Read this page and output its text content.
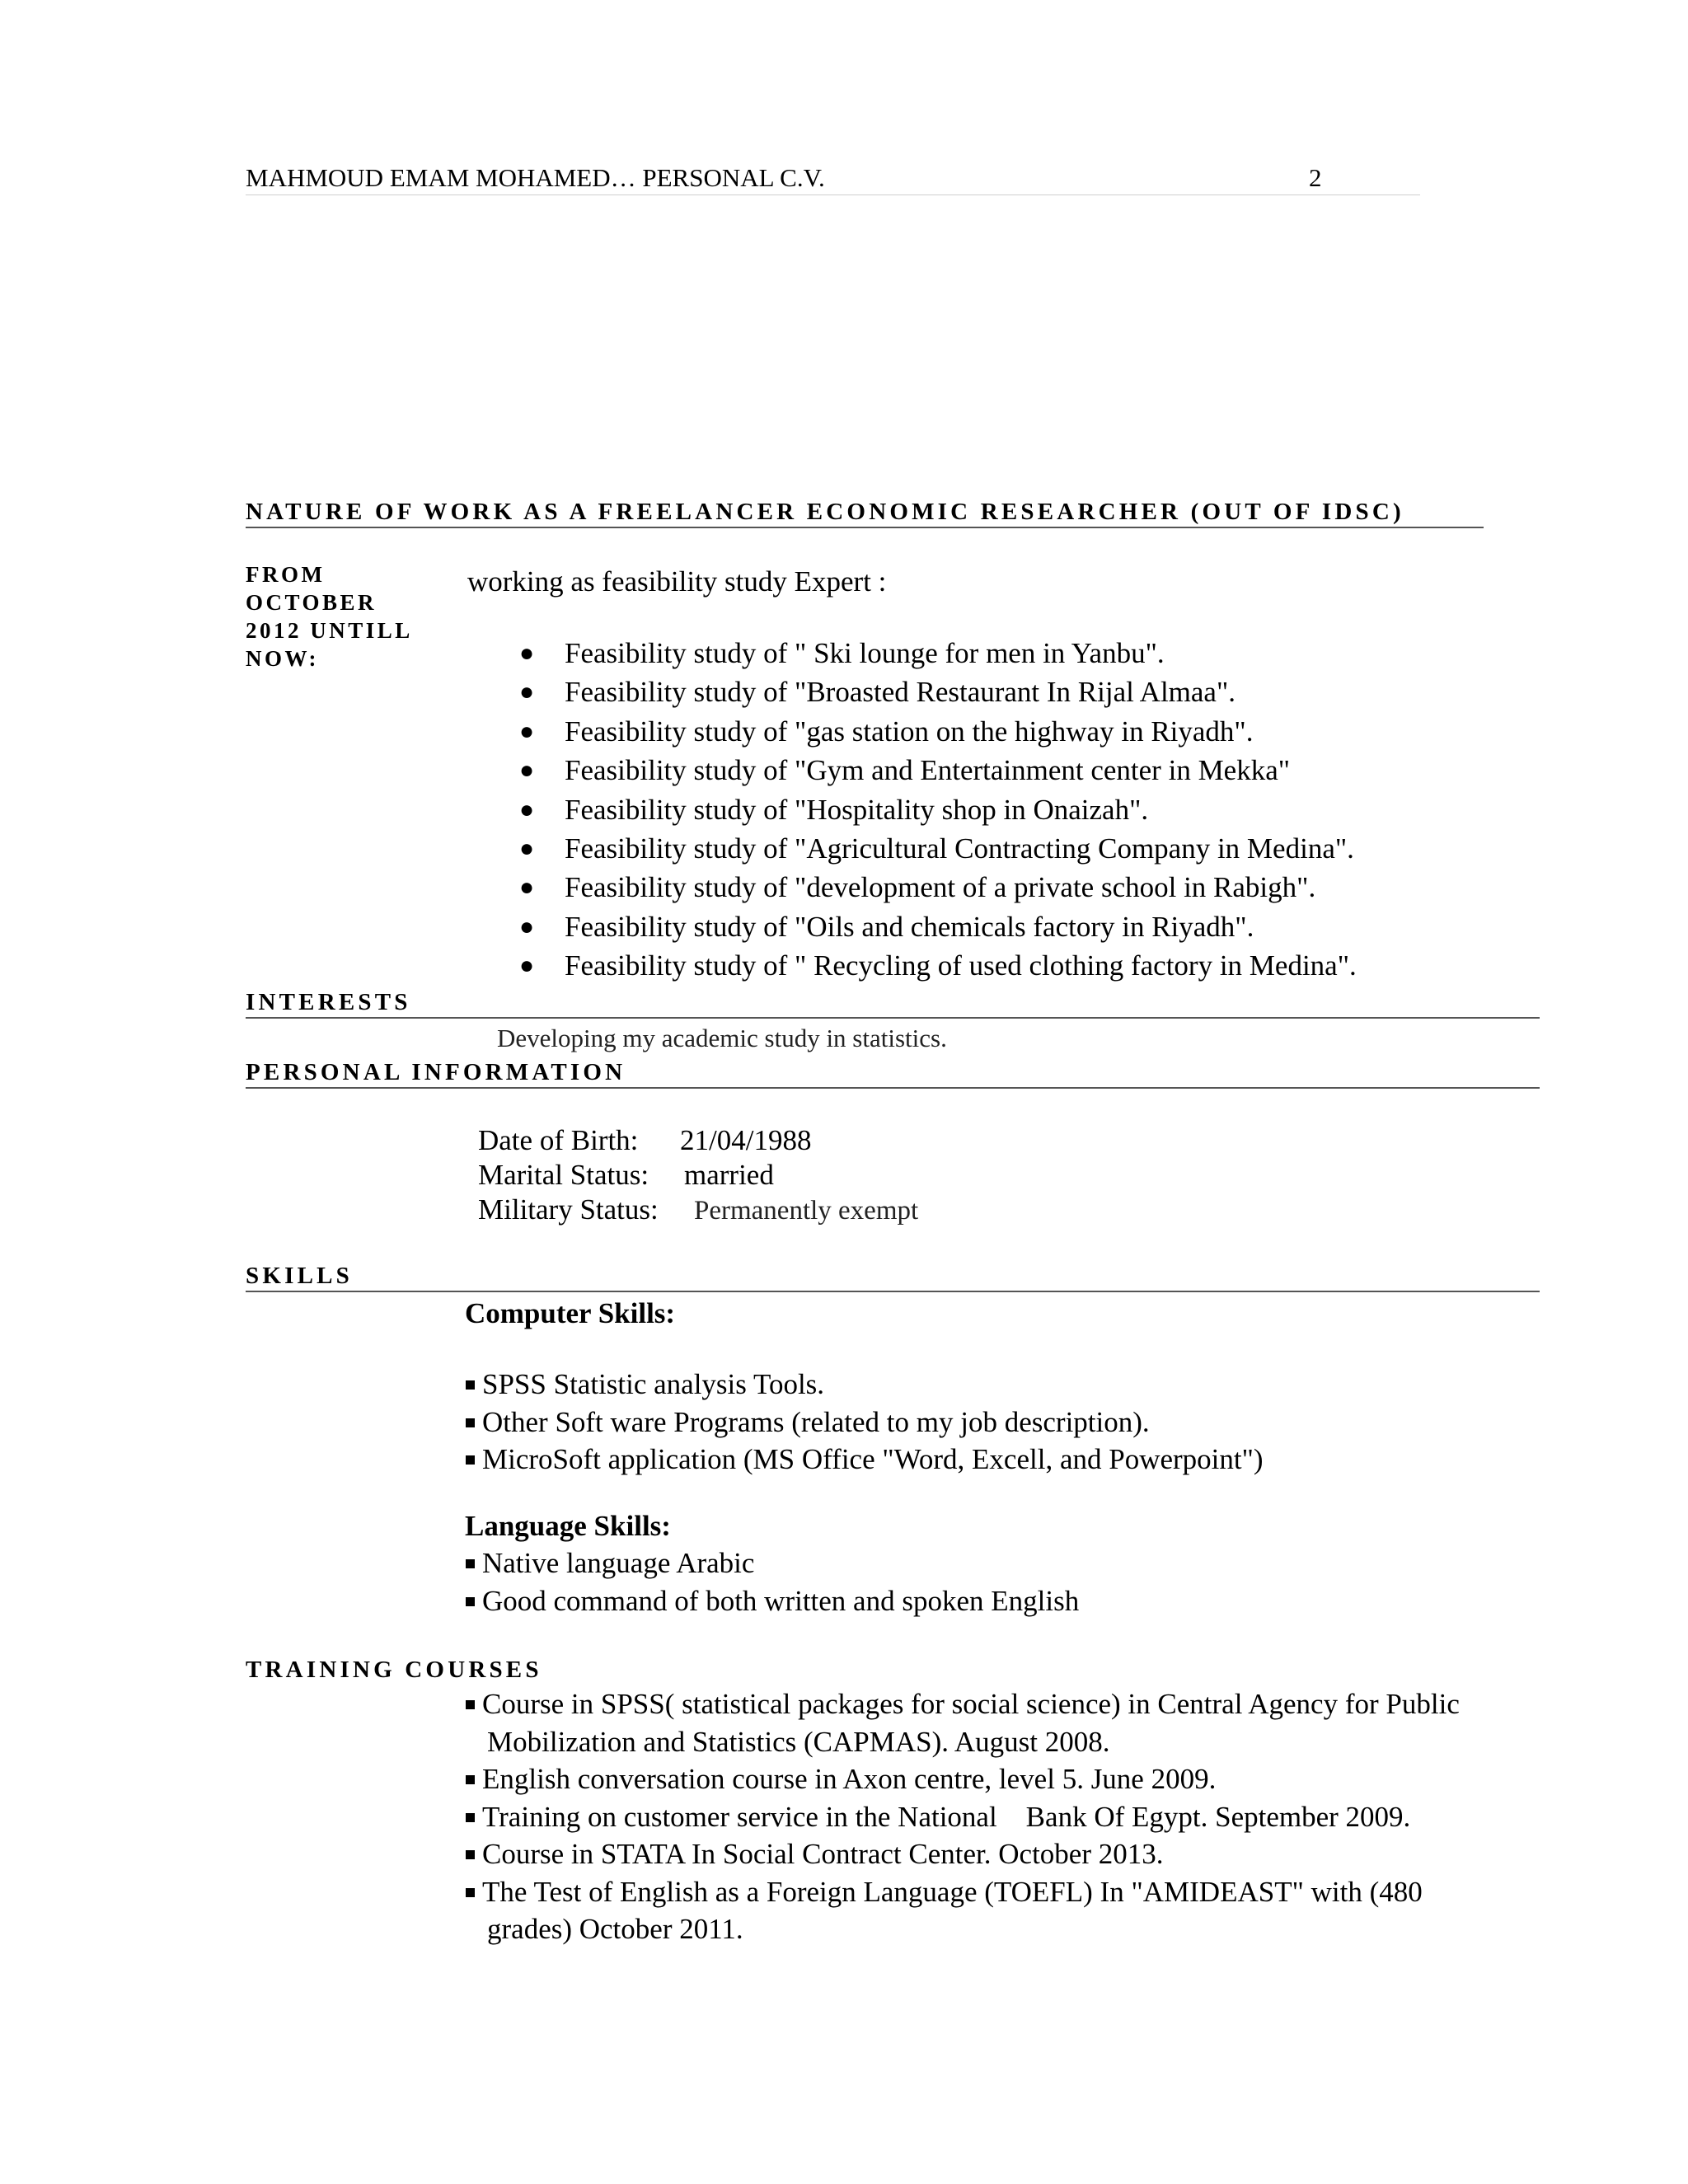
MAHMOUD EMAM MOHAMED… PERSONAL C.V.	2
NATURE OF WORK AS A FREELANCER ECONOMIC RESEARCHER (OUT OF IDSC)
FROM OCTOBER 2012 UNTILL NOW:
working as feasibility study Expert :
● Feasibility study of " Ski lounge for men in Yanbu".
● Feasibility study of "Broasted Restaurant In Rijal Almaa".
● Feasibility study of "gas station on the highway in Riyadh".
● Feasibility study of "Gym and Entertainment center in Mekka"
● Feasibility study of "Hospitality shop in Onaizah".
● Feasibility study of "Agricultural Contracting Company in Medina".
● Feasibility study of "development of a private school in Rabigh".
● Feasibility study of "Oils and chemicals factory in Riyadh".
● Feasibility study of " Recycling of used clothing factory in Medina".
INTERESTS
Developing my academic study in statistics.
PERSONAL INFORMATION
Date of Birth: 21/04/1988
Marital Status: married
Military Status: Permanently exempt
SKILLS
Computer Skills:
SPSS Statistic analysis Tools.
Other Soft ware Programs (related to my job description).
MicroSoft application (MS Office "Word, Excell, and Powerpoint")
Language Skills:
Native language Arabic
Good command of both written and spoken English
TRAINING COURSES
Course in SPSS( statistical packages for social science) in Central Agency for Public
Mobilization and Statistics (CAPMAS). August 2008.
English conversation course in Axon centre, level 5. June 2009.
Training on customer service in the National    Bank Of Egypt. September 2009.
Course in STATA In Social Contract Center. October 2013.
The Test of English as a Foreign Language (TOEFL) In "AMIDEAST" with (480
grades) October 2011.
